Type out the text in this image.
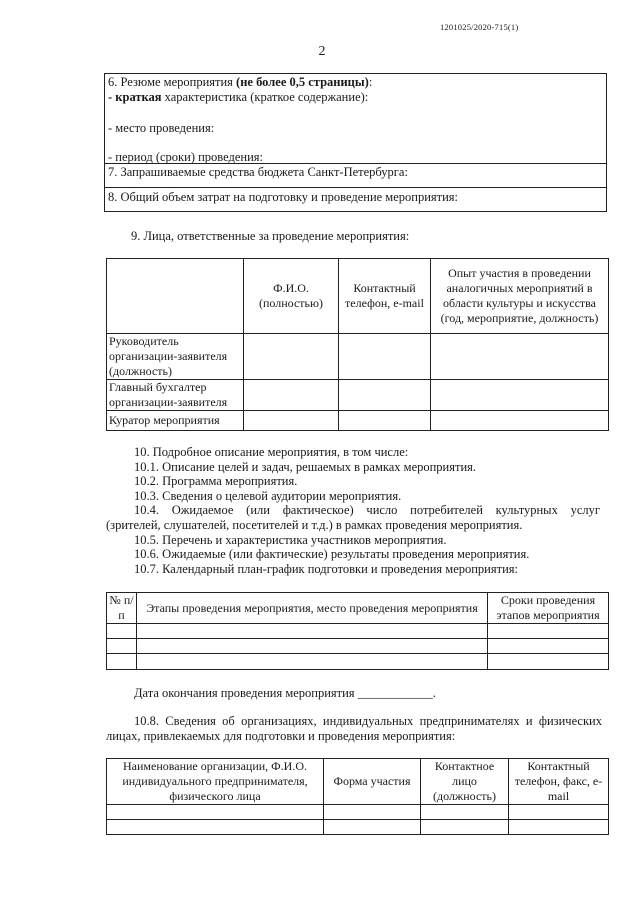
1201025/2020-715(1)
2
6. Резюме мероприятия (не более 0,5 страницы):
- краткая характеристика (краткое содержание):
- место проведения:
- период (сроки) проведения:
7. Запрашиваемые средства бюджета Санкт-Петербурга:
8. Общий объем затрат на подготовку и проведение мероприятия:
9. Лица, ответственные за проведение мероприятия:
	Ф.И.О. (полностью)	Контактный телефон, e-mail	Опыт участия в проведении аналогичных мероприятий в области культуры и искусства (год, мероприятие, должность)
Руководитель организации-заявителя (должность)			
Главный бухгалтер организации-заявителя			
Куратор мероприятия			
10. Подробное описание мероприятия, в том числе:
10.1. Описание целей и задач, решаемых в рамках мероприятия.
10.2. Программа мероприятия.
10.3. Сведения о целевой аудитории мероприятия.
10.4. Ожидаемое (или фактическое) число потребителей культурных услуг
(зрителей, слушателей, посетителей и т.д.) в рамках проведения мероприятия.
10.5. Перечень и характеристика участников мероприятия.
10.6. Ожидаемые (или фактические) результаты проведения мероприятия.
10.7. Календарный план-график подготовки и проведения мероприятия:
№ п/п	Этапы проведения мероприятия, место проведения мероприятия	Сроки проведения этапов мероприятия

Дата окончания проведения мероприятия ____________.
10.8. Сведения об организациях, индивидуальных предпринимателях и физических
лицах, привлекаемых для подготовки и проведения мероприятия:
Наименование организации, Ф.И.О. индивидуального предпринимателя, физического лица	Форма участия	Контактное лицо (должность)	Контактный телефон, факс, e-mail
